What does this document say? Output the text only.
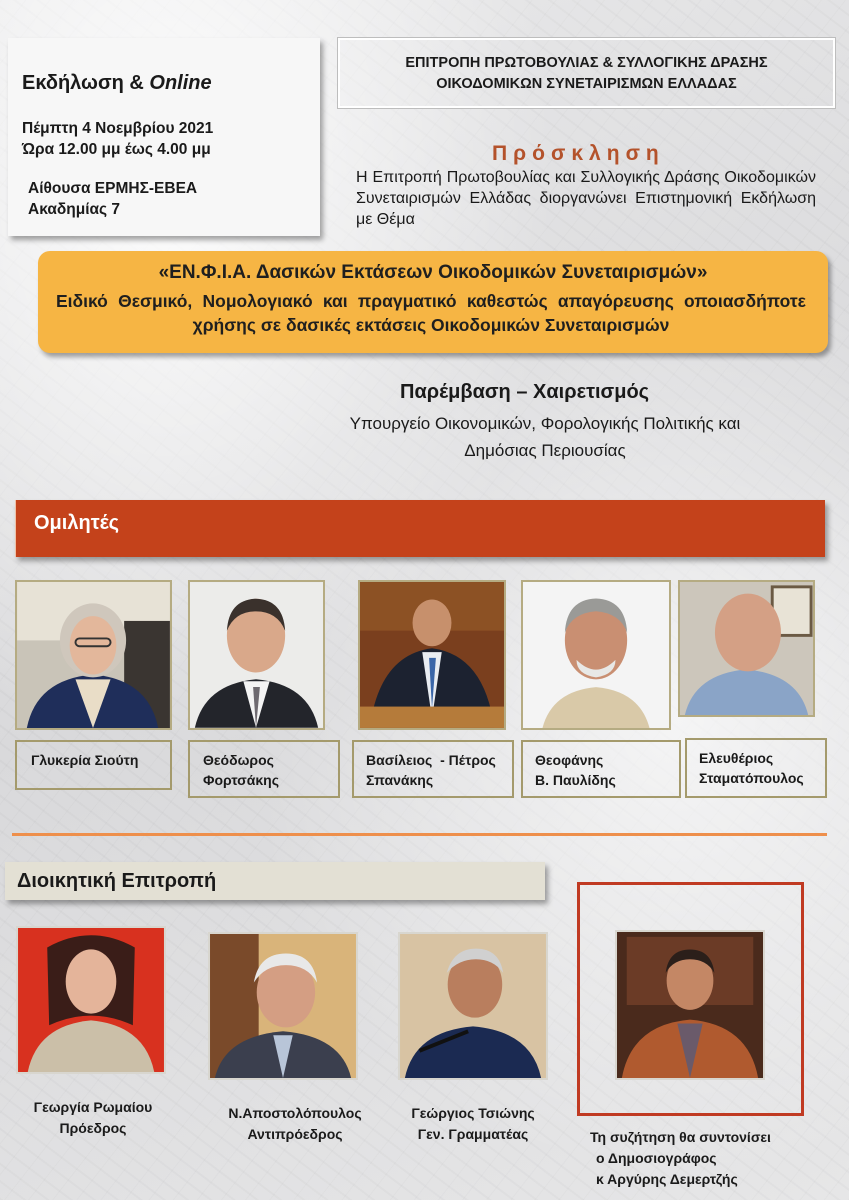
Εκδήλωση & Online
Πέμπτη 4 Νοεμβρίου 2021
Ώρα 12.00 μμ έως 4.00 μμ
Αίθουσα ΕΡΜΗΣ-ΕΒΕΑ
Ακαδημίας 7
ΕΠΙΤΡΟΠΗ ΠΡΩΤΟΒΟΥΛΙΑΣ & ΣΥΛΛΟΓΙΚΗΣ ΔΡΑΣΗΣ
ΟΙΚΟΔΟΜΙΚΩΝ ΣΥΝΕΤΑΙΡΙΣΜΩΝ ΕΛΛΑΔΑΣ
Πρόσκληση
Η Επιτροπή Πρωτοβουλίας και Συλλογικής Δράσης Οικοδομικών Συνεταιρισμών Ελλάδας διοργανώνει Επιστημονική Εκδήλωση με Θέμα
«ΕΝ.Φ.Ι.Α. Δασικών Εκτάσεων Οικοδομικών Συνεταιρισμών»
Ειδικό Θεσμικό, Νομολογιακό και πραγματικό καθεστώς απαγόρευσης οποιασδήποτε χρήσης σε δασικές εκτάσεις Οικοδομικών Συνεταιρισμών
Παρέμβαση – Χαιρετισμός
Υπουργείο Οικονομικών, Φορολογικής Πολιτικής και
Δημόσιας Περιουσίας
Ομιλητές
Γλυκερία Σιούτη	Θεόδωρος
Φορτσάκης
Βασίλειος  - Πέτρος
Σπανάκης
Θεοφάνης
Β. Παυλίδης
Ελευθέριος
Σταματόπουλος
Διοικητική Επιτροπή
Γεωργία Ρωμαίου
Πρόεδρος
Ν.Αποστολόπουλος
Αντιπρόεδρος
Γεώργιος Τσιώνης
Γεν. Γραμματέας	Τη συζήτηση θα συντονίσει
ο Δημοσιογράφος
κ Αργύρης Δεμερτζής
